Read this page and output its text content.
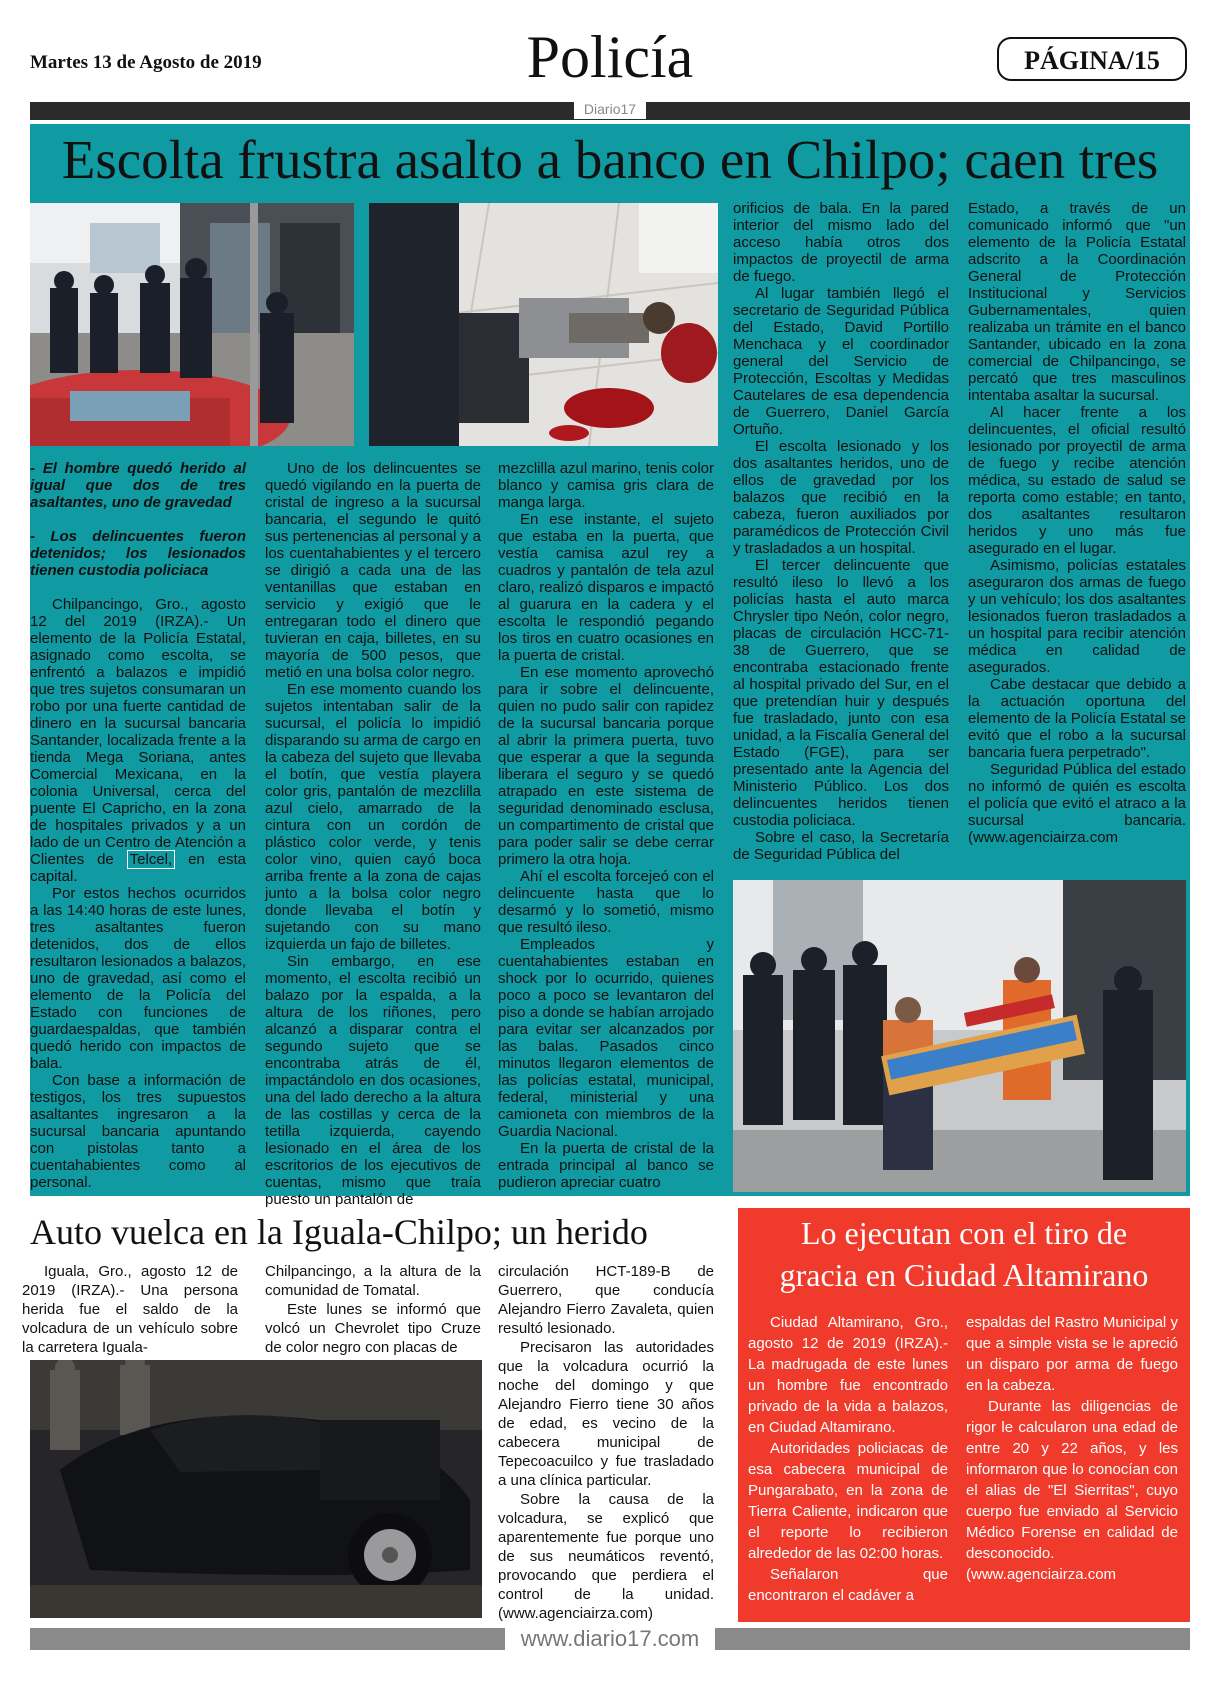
Martes 13 de Agosto de 2019	Policía	PÁGINA/15
Diario17
Escolta frustra asalto a banco en Chilpo; caen tres

- El hombre quedó herido al igual que dos de tres asaltantes, uno de gravedad

- Los delincuentes fueron detenidos; los lesionados tienen custodia policiaca

Chilpancingo, Gro., agosto 12 del 2019 (IRZA).- Un elemento de la Policía Estatal, asignado como escolta, se enfrentó a balazos e impidió que tres sujetos consumaran un robo por una fuerte cantidad de dinero en la sucursal bancaria Santander, localizada frente a la tienda Mega Soriana, antes Comercial Mexicana, en la colonia Universal, cerca del puente El Capricho, en la zona de hospitales privados y a un lado de un Centro de Atención a Clientes de Telcel, en esta capital.

Por estos hechos ocurridos a las 14:40 horas de este lunes, tres asaltantes fueron detenidos, dos de ellos resultaron lesionados a balazos, uno de gravedad, así como el elemento de la Policía del Estado con funciones de guardaespaldas, que también quedó herido con impactos de bala.

Con base a información de testigos, los tres supuestos asaltantes ingresaron a la sucursal bancaria apuntando con pistolas tanto a cuentahabientes como al personal.

Uno de los delincuentes se quedó vigilando en la puerta de cristal de ingreso a la sucursal bancaria, el segundo le quitó sus pertenencias al personal y a los cuentahabientes y el tercero se dirigió a cada una de las ventanillas que estaban en servicio y exigió que le entregaran todo el dinero que tuvieran en caja, billetes, en su mayoría de 500 pesos, que metió en una bolsa color negro.

En ese momento cuando los sujetos intentaban salir de la sucursal, el policía lo impidió disparando su arma de cargo en la cabeza del sujeto que llevaba el botín, que vestía playera color gris, pantalón de mezclilla azul cielo, amarrado de la cintura con un cordón de plástico color verde, y tenis color vino, quien cayó boca arriba frente a la zona de cajas junto a la bolsa color negro donde llevaba el botín y sujetando con su mano izquierda un fajo de billetes.

Sin embargo, en ese momento, el escolta recibió un balazo por la espalda, a la altura de los riñones, pero alcanzó a disparar contra el segundo sujeto que se encontraba atrás de él, impactándolo en dos ocasiones, una del lado derecho a la altura de las costillas y cerca de la tetilla izquierda, cayendo lesionado en el área de los escritorios de los ejecutivos de cuentas, mismo que traía puesto un pantalón de

mezclilla azul marino, tenis color blanco y camisa gris clara de manga larga.

En ese instante, el sujeto que estaba en la puerta, que vestía camisa azul rey a cuadros y pantalón de tela azul claro, realizó disparos e impactó al guarura en la cadera y el escolta le respondió pegando los tiros en cuatro ocasiones en la puerta de cristal.

En ese momento aprovechó para ir sobre el delincuente, quien no pudo salir con rapidez de la sucursal bancaria porque al abrir la primera puerta, tuvo que esperar a que la segunda liberara el seguro y se quedó atrapado en este sistema de seguridad denominado esclusa, un compartimento de cristal que para poder salir se debe cerrar primero la otra hoja.

Ahí el escolta forcejeó con el delincuente hasta que lo desarmó y lo sometió, mismo que resultó ileso.

Empleados y cuentahabientes estaban en shock por lo ocurrido, quienes poco a poco se levantaron del piso a donde se habían arrojado para evitar ser alcanzados por las balas. Pasados cinco minutos llegaron elementos de las policías estatal, municipal, federal, ministerial y una camioneta con miembros de la Guardia Nacional.

En la puerta de cristal de la entrada principal al banco se pudieron apreciar cuatro

orificios de bala. En la pared interior del mismo lado del acceso había otros dos impactos de proyectil de arma de fuego.

Al lugar también llegó el secretario de Seguridad Pública del Estado, David Portillo Menchaca y el coordinador general del Servicio de Protección, Escoltas y Medidas Cautelares de esa dependencia de Guerrero, Daniel García Ortuño.

El escolta lesionado y los dos asaltantes heridos, uno de ellos de gravedad por los balazos que recibió en la cabeza, fueron auxiliados por paramédicos de Protección Civil y trasladados a un hospital.

El tercer delincuente que resultó ileso lo llevó a los policías hasta el auto marca Chrysler tipo Neón, color negro, placas de circulación HCC-71-38 de Guerrero, que se encontraba estacionado frente al hospital privado del Sur, en el que pretendían huir y después fue trasladado, junto con esa unidad, a la Fiscalía General del Estado (FGE), para ser presentado ante la Agencia del Ministerio Público. Los dos delincuentes heridos tienen custodia policiaca.

Sobre el caso, la Secretaría de Seguridad Pública del

Estado, a través de un comunicado informó que "un elemento de la Policía Estatal adscrito a la Coordinación General de Protección Institucional y Servicios Gubernamentales, quien realizaba un trámite en el banco Santander, ubicado en la zona comercial de Chilpancingo, se percató que tres masculinos intentaba asaltar la sucursal.

Al hacer frente a los delincuentes, el oficial resultó lesionado por proyectil de arma de fuego y recibe atención médica, su estado de salud se reporta como estable; en tanto, dos asaltantes resultaron heridos y uno más fue asegurado en el lugar.

Asimismo, policías estatales aseguraron dos armas de fuego y un vehículo; los dos asaltantes lesionados fueron trasladados a un hospital para recibir atención médica en calidad de asegurados.

Cabe destacar que debido a la actuación oportuna del elemento de la Policía Estatal se evitó que el robo a la sucursal bancaria fuera perpetrado".

Seguridad Pública del estado no informó de quién es escolta el policía que evitó el atraco a la sucursal bancaria. (www.agenciairza.com

Auto vuelca en la Iguala-Chilpo; un herido

Iguala, Gro., agosto 12 de 2019 (IRZA).- Una persona herida fue el saldo de la volcadura de un vehículo sobre la carretera Iguala-

Chilpancingo, a la altura de la comunidad de Tomatal.

Este lunes se informó que volcó un Chevrolet tipo Cruze de color negro con placas de

circulación HCT-189-B de Guerrero, que conducía Alejandro Fierro Zavaleta, quien resultó lesionado.

Precisaron las autoridades que la volcadura ocurrió la noche del domingo y que Alejandro Fierro tiene 30 años de edad, es vecino de la cabecera municipal de Tepecoacuilco y fue trasladado a una clínica particular.

Sobre la causa de la volcadura, se explicó que aparentemente fue porque uno de sus neumáticos reventó, provocando que perdiera el control de la unidad. (www.agenciairza.com)

Lo ejecutan con el tiro de
gracia en Ciudad Altamirano

Ciudad Altamirano, Gro., agosto 12 de 2019 (IRZA).- La madrugada de este lunes un hombre fue encontrado privado de la vida a balazos, en Ciudad Altamirano.

Autoridades policiacas de esa cabecera municipal de Pungarabato, en la zona de Tierra Caliente, indicaron que el reporte lo recibieron alrededor de las 02:00 horas.

Señalaron que encontraron el cadáver a

espaldas del Rastro Municipal y que a simple vista se le apreció un disparo por arma de fuego en la cabeza.

Durante las diligencias de rigor le calcularon una edad de entre 20 y 22 años, y les informaron que lo conocían con el alias de "El Sierritas", cuyo cuerpo fue enviado al Servicio Médico Forense en calidad de desconocido. (www.agenciairza.com

www.diario17.com
